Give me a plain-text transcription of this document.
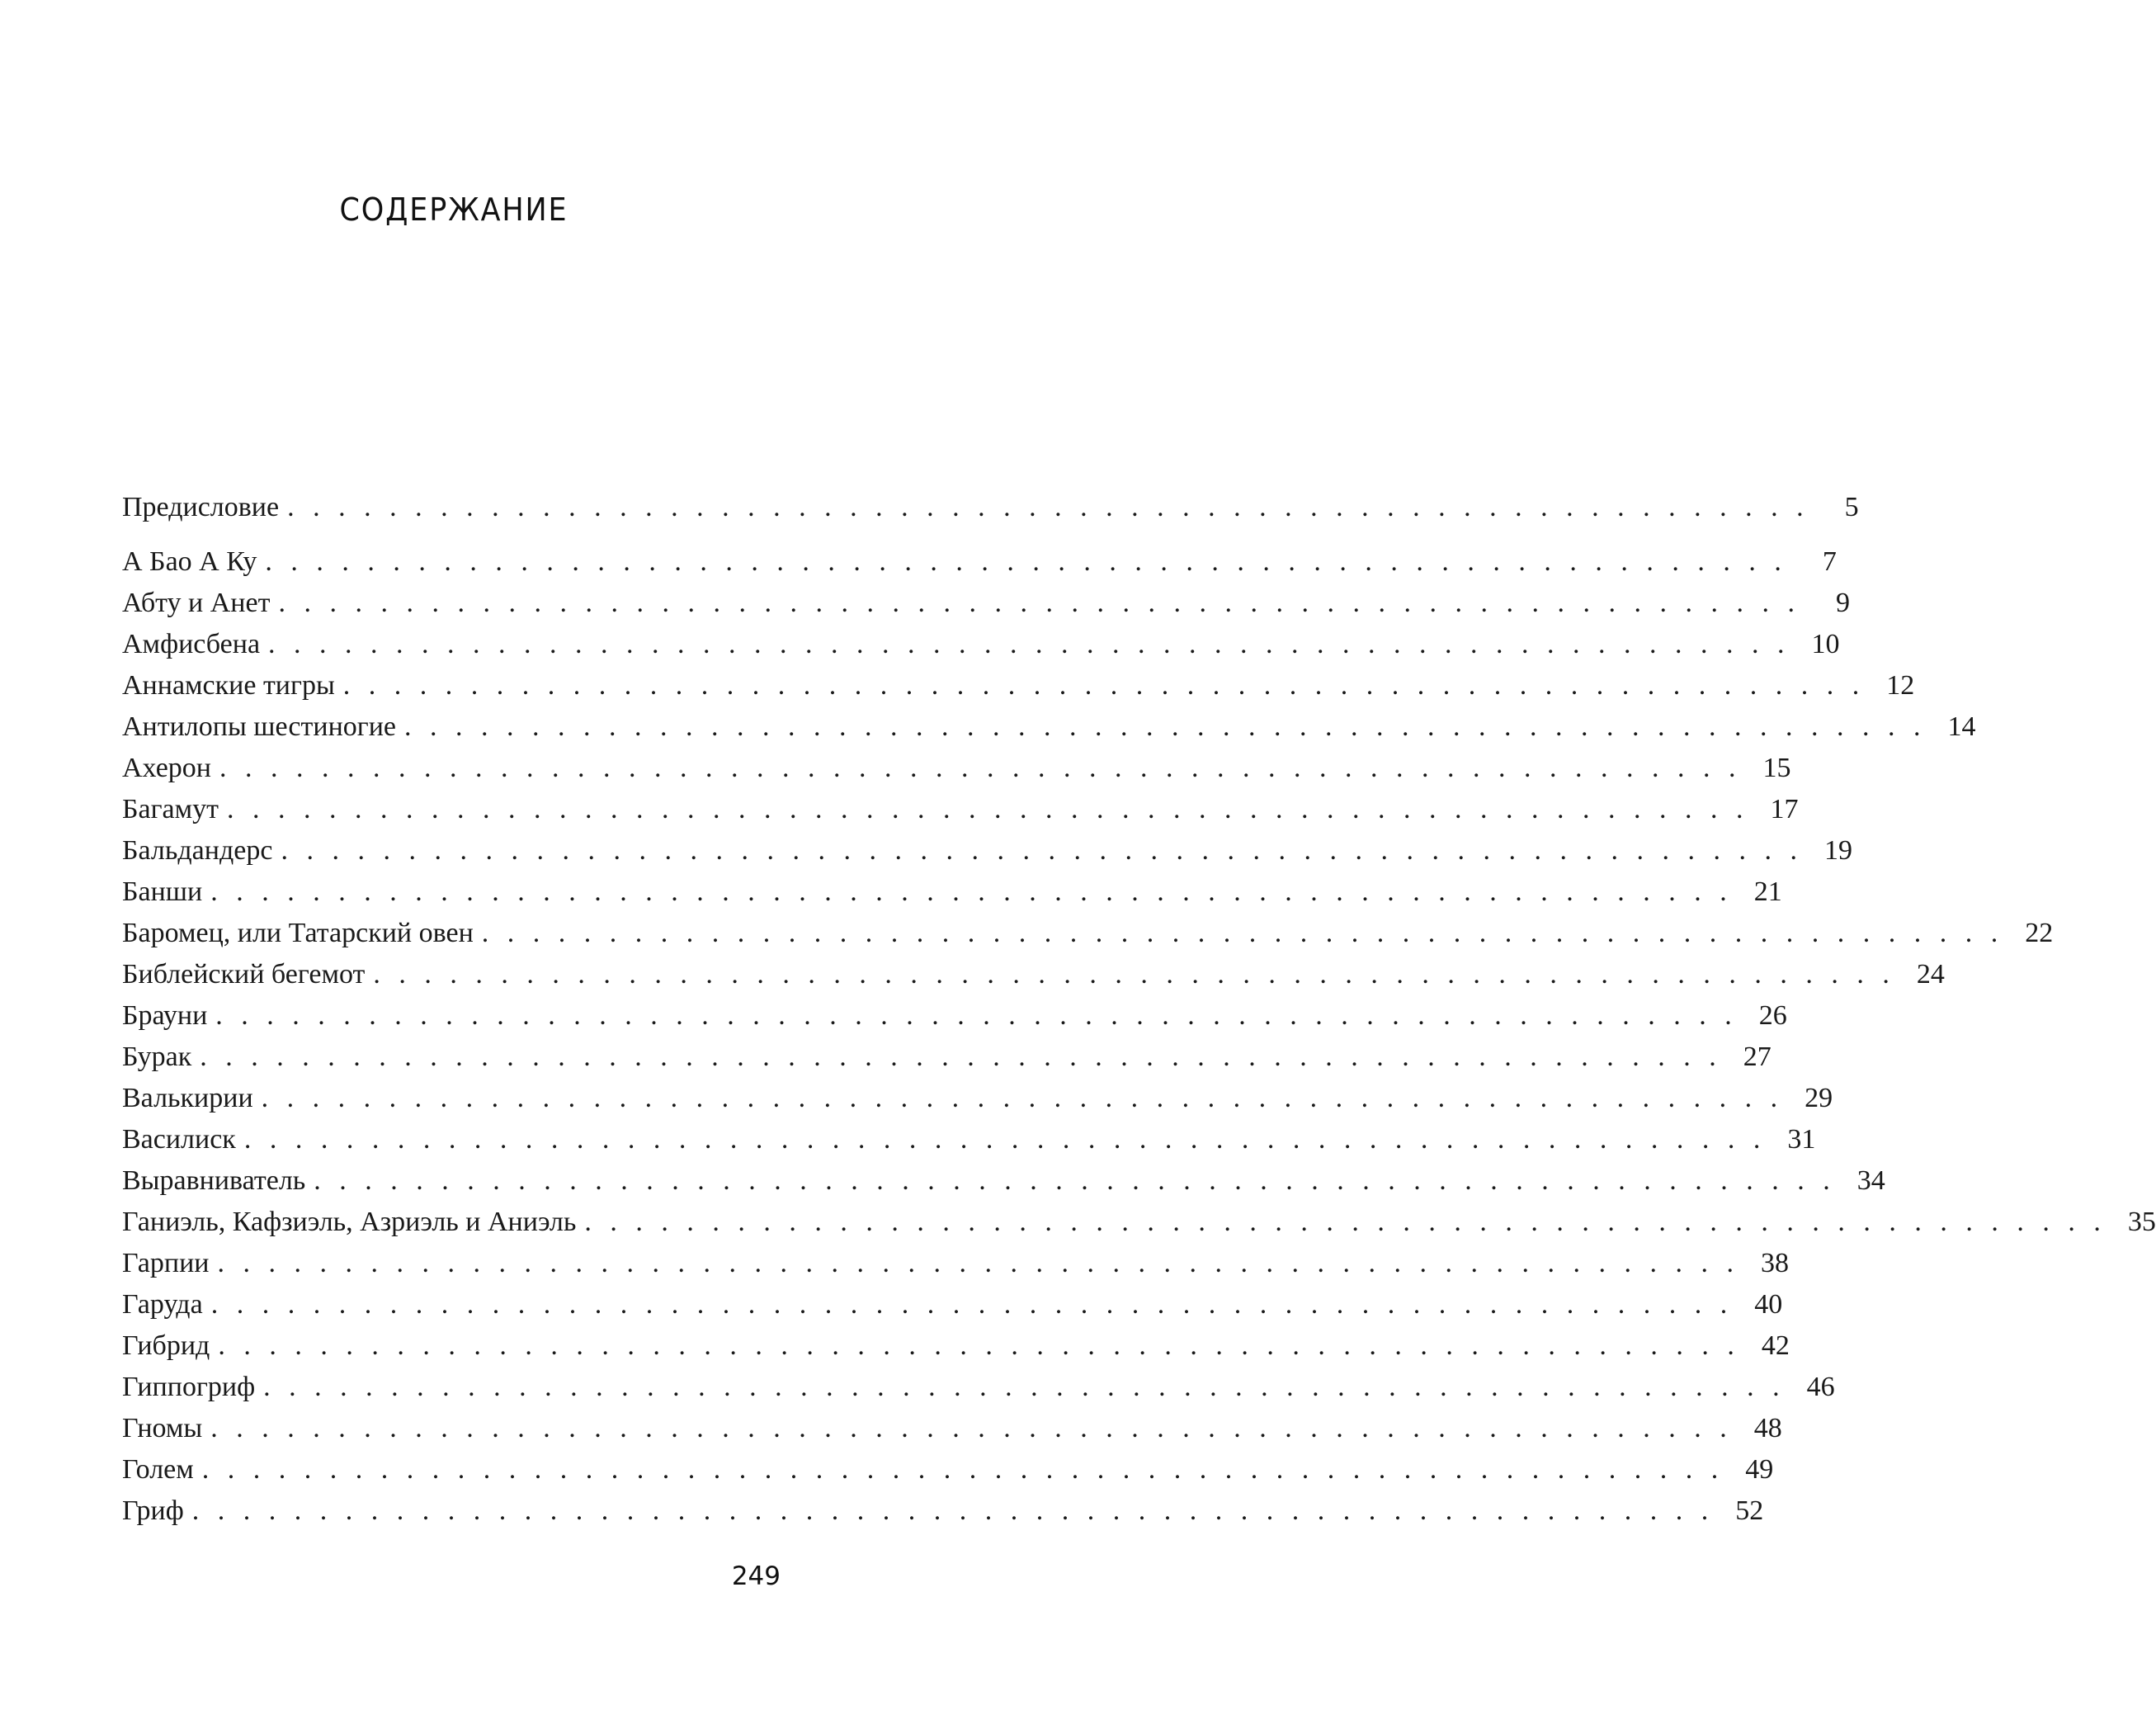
СОДЕРЖАНИЕ
Предисловие . . . . . . . . . . . . . . . . . . . . . . . . . . . . . . . . . . . . . . . . . . . . . . . . . . . . . . . . . . . .	5
А Бао А Ку . . . . . . . . . . . . . . . . . . . . . . . . . . . . . . . . . . . . . . . . . . . . . . . . . . . . . . . . . . . .	7
Абту и Анет . . . . . . . . . . . . . . . . . . . . . . . . . . . . . . . . . . . . . . . . . . . . . . . . . . . . . . . . . . . .	9
Амфисбена . . . . . . . . . . . . . . . . . . . . . . . . . . . . . . . . . . . . . . . . . . . . . . . . . . . . . . . . . . . . 10
Аннамские тигры . . . . . . . . . . . . . . . . . . . . . . . . . . . . . . . . . . . . . . . . . . . . . . . . . . . . . . . . . . . . 12
Антилопы шестиногие . . . . . . . . . . . . . . . . . . . . . . . . . . . . . . . . . . . . . . . . . . . . . . . . . . . . . . . . . . . . 14
Ахерон . . . . . . . . . . . . . . . . . . . . . . . . . . . . . . . . . . . . . . . . . . . . . . . . . . . . . . . . . . . . 15
Багамут . . . . . . . . . . . . . . . . . . . . . . . . . . . . . . . . . . . . . . . . . . . . . . . . . . . . . . . . . . . . 17
Бальдандерс . . . . . . . . . . . . . . . . . . . . . . . . . . . . . . . . . . . . . . . . . . . . . . . . . . . . . . . . . . . . 19
Банши . . . . . . . . . . . . . . . . . . . . . . . . . . . . . . . . . . . . . . . . . . . . . . . . . . . . . . . . . . . . 21
Баромец, или Татарский овен . . . . . . . . . . . . . . . . . . . . . . . . . . . . . . . . . . . . . . . . . . . . . . . . . . . . . . . . . . . . 22
Библейский бегемот . . . . . . . . . . . . . . . . . . . . . . . . . . . . . . . . . . . . . . . . . . . . . . . . . . . . . . . . . . . . 24
Брауни . . . . . . . . . . . . . . . . . . . . . . . . . . . . . . . . . . . . . . . . . . . . . . . . . . . . . . . . . . . . 26
Бурак . . . . . . . . . . . . . . . . . . . . . . . . . . . . . . . . . . . . . . . . . . . . . . . . . . . . . . . . . . . . 27
Валькирии . . . . . . . . . . . . . . . . . . . . . . . . . . . . . . . . . . . . . . . . . . . . . . . . . . . . . . . . . . . . 29
Василиск . . . . . . . . . . . . . . . . . . . . . . . . . . . . . . . . . . . . . . . . . . . . . . . . . . . . . . . . . . . . 31
Выравниватель . . . . . . . . . . . . . . . . . . . . . . . . . . . . . . . . . . . . . . . . . . . . . . . . . . . . . . . . . . . . 34
Ганиэль, Кафзиэль, Азриэль и Аниэль . . . . . . . . . . . . . . . . . . . . . . . . . . . . . . . . . . . . . . . . . . . . . . . . . . . . . . . . . . . . 35
Гарпии . . . . . . . . . . . . . . . . . . . . . . . . . . . . . . . . . . . . . . . . . . . . . . . . . . . . . . . . . . . . 38
Гаруда . . . . . . . . . . . . . . . . . . . . . . . . . . . . . . . . . . . . . . . . . . . . . . . . . . . . . . . . . . . . 40
Гибрид . . . . . . . . . . . . . . . . . . . . . . . . . . . . . . . . . . . . . . . . . . . . . . . . . . . . . . . . . . . . 42
Гиппогриф . . . . . . . . . . . . . . . . . . . . . . . . . . . . . . . . . . . . . . . . . . . . . . . . . . . . . . . . . . . . 46
Гномы . . . . . . . . . . . . . . . . . . . . . . . . . . . . . . . . . . . . . . . . . . . . . . . . . . . . . . . . . . . . 48
Голем . . . . . . . . . . . . . . . . . . . . . . . . . . . . . . . . . . . . . . . . . . . . . . . . . . . . . . . . . . . . 49
Гриф . . . . . . . . . . . . . . . . . . . . . . . . . . . . . . . . . . . . . . . . . . . . . . . . . . . . . . . . . . . . 52
249
